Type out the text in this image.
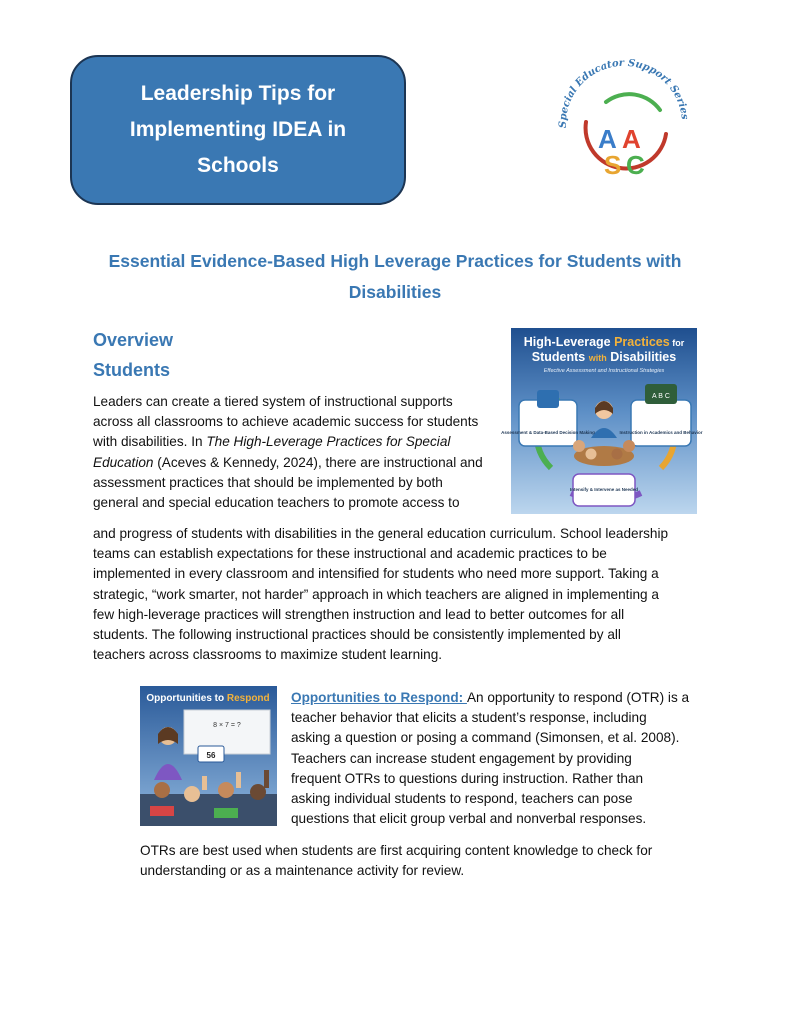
Leadership Tips for
Implementing IDEA in
Schools
Special Educator Support Series
A A
S C
Essential Evidence-Based High Leverage Practices for Students with
Disabilities
Overview
Students
High-Leverage Practices for
Students with Disabilities
Effective Assessment and Instructional Strategies
Assessment & Data-Based Decision Making
A B C
Instruction in Academics and Behavior
Intensify & Intervene as Needed
Leaders can create a tiered system of instructional supports
across all classrooms to achieve academic success for students
with disabilities. In The High-Leverage Practices for Special
Education (Aceves & Kennedy, 2024), there are instructional and
assessment practices that should be implemented by both
general and special education teachers to promote access to
and progress of students with disabilities in the general education curriculum. School leadership
teams can establish expectations for these instructional and academic practices to be
implemented in every classroom and intensified for students who need more support. Taking a
strategic, “work smarter, not harder” approach in which teachers are aligned in implementing a
few high-leverage practices will strengthen instruction and lead to better outcomes for all
students. The following instructional practices should be consistently implemented by all
teachers across classrooms to maximize student learning.
Opportunities to Respond
8 × 7 = ?
56
Opportunities to Respond: An opportunity to respond (OTR) is a
teacher behavior that elicits a student’s response, including
asking a question or posing a command (Simonsen, et al. 2008).
Teachers can increase student engagement by providing
frequent OTRs to questions during instruction. Rather than
asking individual students to respond, teachers can pose
questions that elicit group verbal and nonverbal responses.
OTRs are best used when students are first acquiring content knowledge to check for
understanding or as a maintenance activity for review.
